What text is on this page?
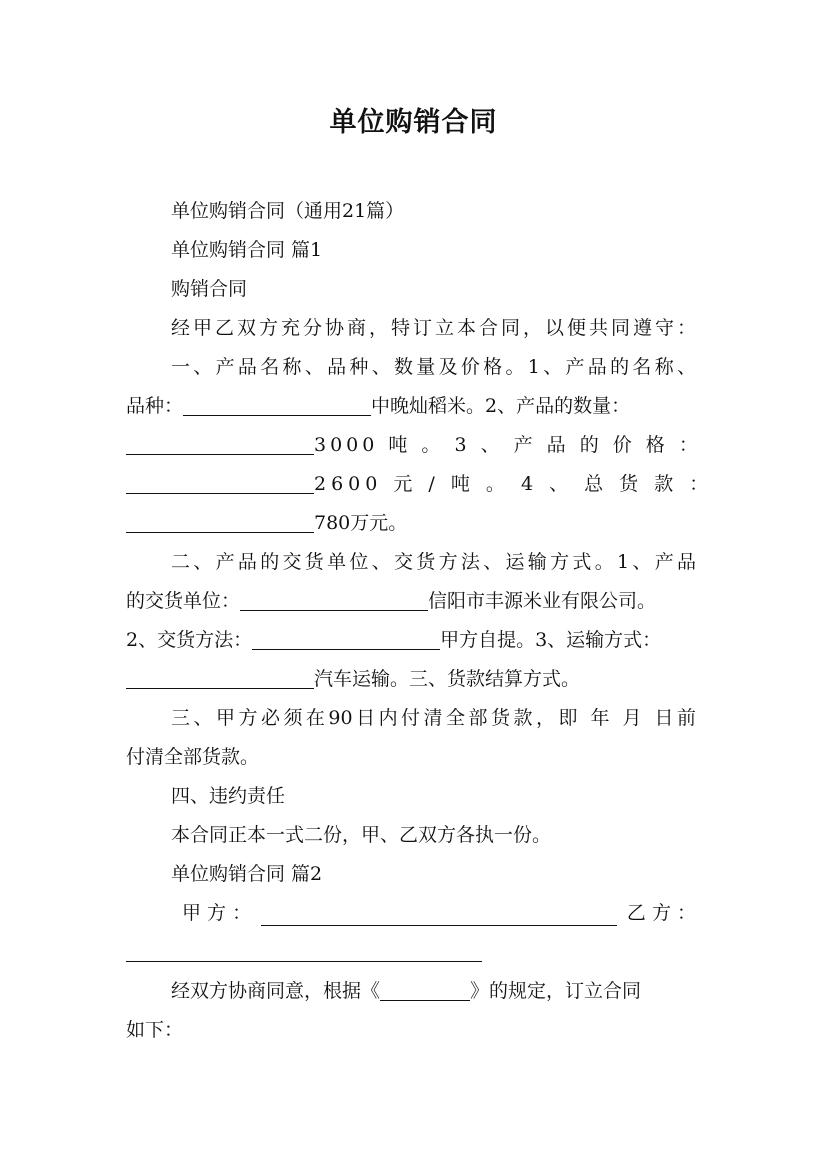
单位购销合同

单位购销合同（通用21篇）

单位购销合同 篇1

购销合同

经甲乙双方充分协商，特订立本合同，以便共同遵守：

一、产品名称、品种、数量及价格。1、产品的名称、

品种：	中晚灿稻米。2、产品的数量：

3000 吨 。 3 、 产 品 的 价 格 ：

2600 元 / 吨 。 4 、 总 货 款 ：

780万元。

二、产品的交货单位、交货方法、运输方式。1、产品

的交货单位：	信阳市丰源米业有限公司。

2、交货方法：	甲方自提。3、运输方式：

汽车运输。三、货款结算方式。

三、甲方必须在90日内付清全部货款，即 年 月 日前

付清全部货款。

四、违约责任

本合同正本一式二份，甲、乙双方各执一份。

单位购销合同 篇2

甲 方 ：	乙 方 ：

经双方协商同意，根据《	》的规定，订立合同

如下：
